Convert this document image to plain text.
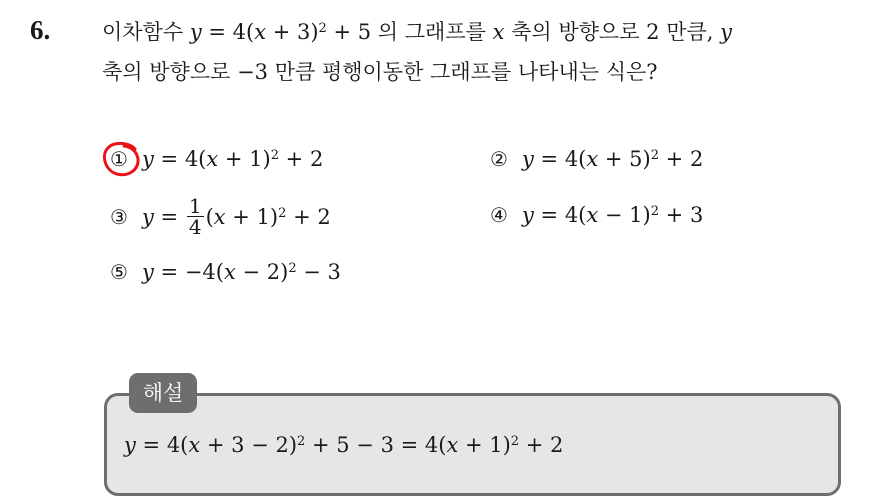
6. 이차함수 $y = 4(x + 3)^2 + 5$ 의 그래프를 x 축의 방향으로 2 만큼, y
축의 방향으로 −3 만큼 평행이동한 그래프를 나타내는 식은?
① $y = 4(x + 1)^2 + 2$	② $y = 4(x + 5)^2 + 2$
③ $y = \frac{1}{4} (x + 1)^2 + 2$	④ $y = 4(x - 1)^2 + 3$
⑤ $y = -4(x - 2)^2 - 3$
해설
$y = 4(x + 3 - 2)^2 + 5 - 3 = 4(x + 1)^2 + 2$
